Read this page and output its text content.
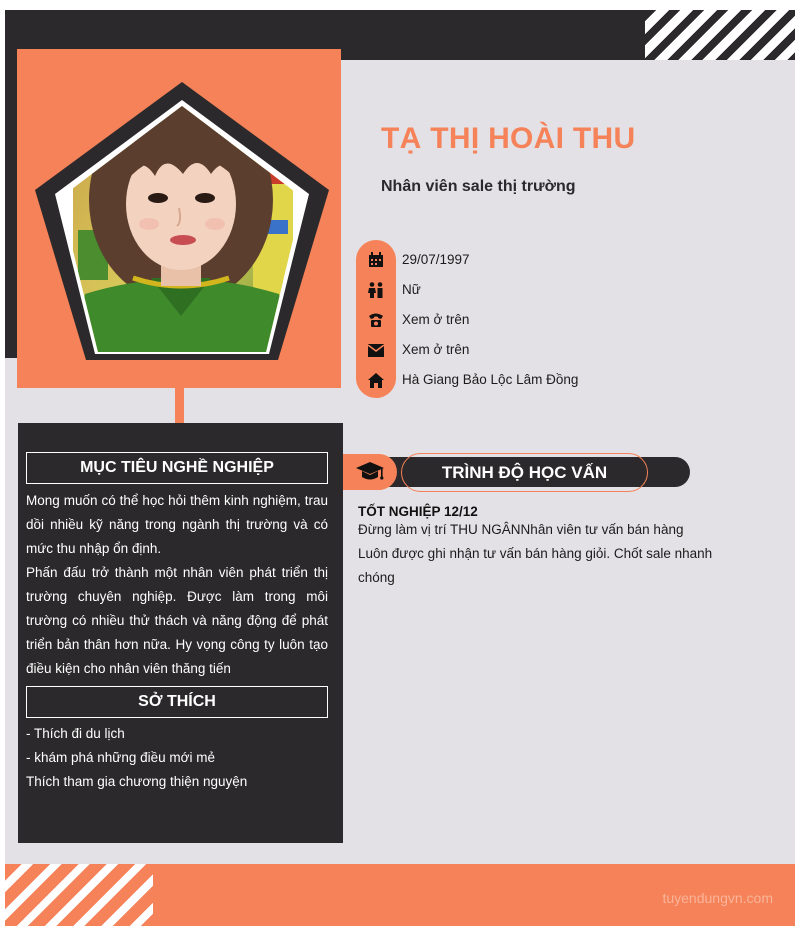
TẠ THỊ HOÀI THU
Nhân viên sale thị trường
29/07/1997
Nữ
Xem ở trên
Xem ở trên
Hà Giang Bảo Lộc Lâm Đồng
MỤC TIÊU NGHỀ NGHIỆP

Mong muốn có thể học hỏi thêm kinh nghiệm, trau dồi nhiều kỹ năng trong ngành thị trường và có mức thu nhập ổn định.

Phấn đấu trở thành một nhân viên phát triển thị trường chuyên nghiệp. Được làm trong môi trường có nhiều thử thách và năng động để phát triển bản thân hơn nữa. Hy vọng công ty luôn tạo điều kiện cho nhân viên thăng tiến

SỞ THÍCH
- Thích đi du lịch
- khám phá những điều mới mẻ
Thích tham gia chương thiện nguyện
TRÌNH ĐỘ HỌC VẤN
TỐT NGHIỆP 12/12
Đừng làm vị trí THU NGÂNNhân viên tư vấn bán hàng
Luôn được ghi nhận tư vấn bán hàng giỏi. Chốt sale nhanh chóng
tuyendungvn.com
